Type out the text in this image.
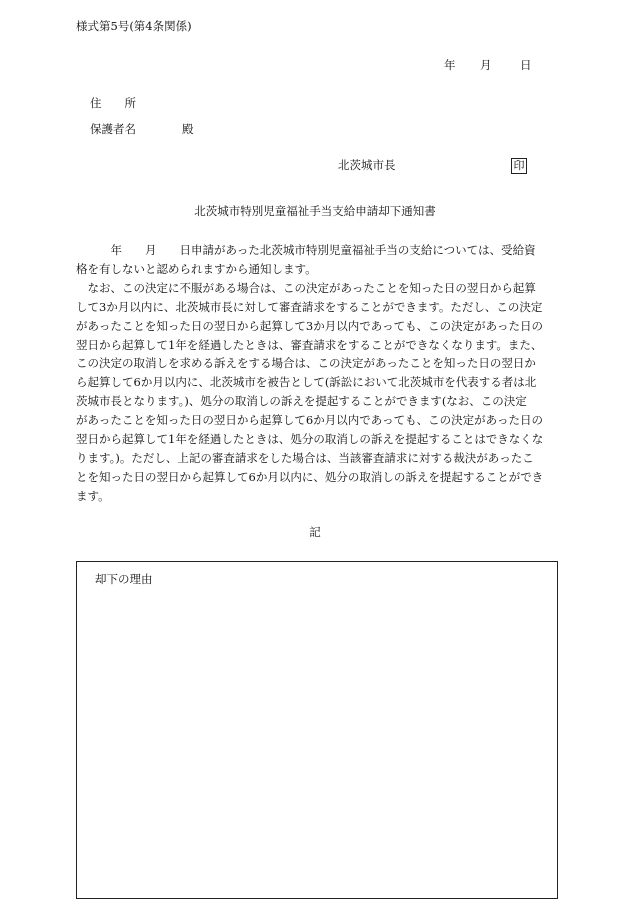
様式第5号(第4条関係)
年 月 日
住　　所
保護者名　　　　殿
北茨城市長	印
北茨城市特別児童福祉手当支給申請却下通知書
　　　年　　月　　日申請があった北茨城市特別児童福祉手当の支給については、受給資
格を有しないと認められますから通知します。
　なお、この決定に不服がある場合は、この決定があったことを知った日の翌日から起算
して3か月以内に、北茨城市長に対して審査請求をすることができます。ただし、この決定
があったことを知った日の翌日から起算して3か月以内であっても、この決定があった日の
翌日から起算して1年を経過したときは、審査請求をすることができなくなります。また、
この決定の取消しを求める訴えをする場合は、この決定があったことを知った日の翌日か
ら起算して6か月以内に、北茨城市を被告として(訴訟において北茨城市を代表する者は北
茨城市長となります。)、処分の取消しの訴えを提起することができます(なお、この決定
があったことを知った日の翌日から起算して6か月以内であっても、この決定があった日の
翌日から起算して1年を経過したときは、処分の取消しの訴えを提起することはできなくな
ります。)。ただし、上記の審査請求をした場合は、当該審査請求に対する裁決があったこ
とを知った日の翌日から起算して6か月以内に、処分の取消しの訴えを提起することができ
ます。
記
却下の理由
